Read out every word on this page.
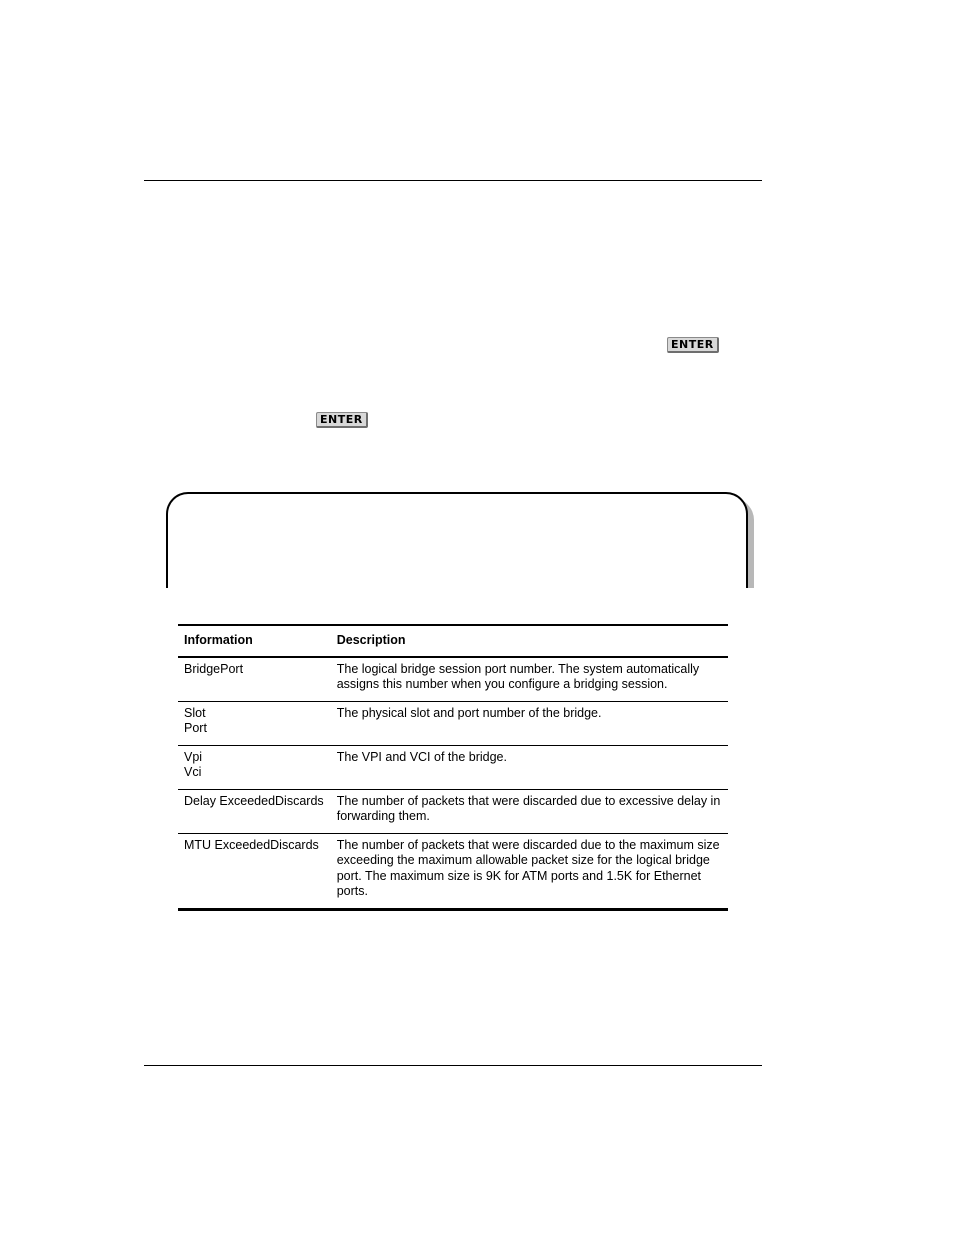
ENTER
ENTER
Information	Description

BridgePort	The logical bridge session port number. The system automatically
assigns this number when you configure a bridging session.

Slot
Port	The physical slot and port number of the bridge.

Vpi
Vci	The VPI and VCI of the bridge.

Delay ExceededDiscards	The number of packets that were discarded due to excessive delay in
forwarding them.

MTU ExceededDiscards	The number of packets that were discarded due to the maximum size
exceeding the maximum allowable packet size for the logical bridge
port. The maximum size is 9K for ATM ports and 1.5K for Ethernet
ports.
